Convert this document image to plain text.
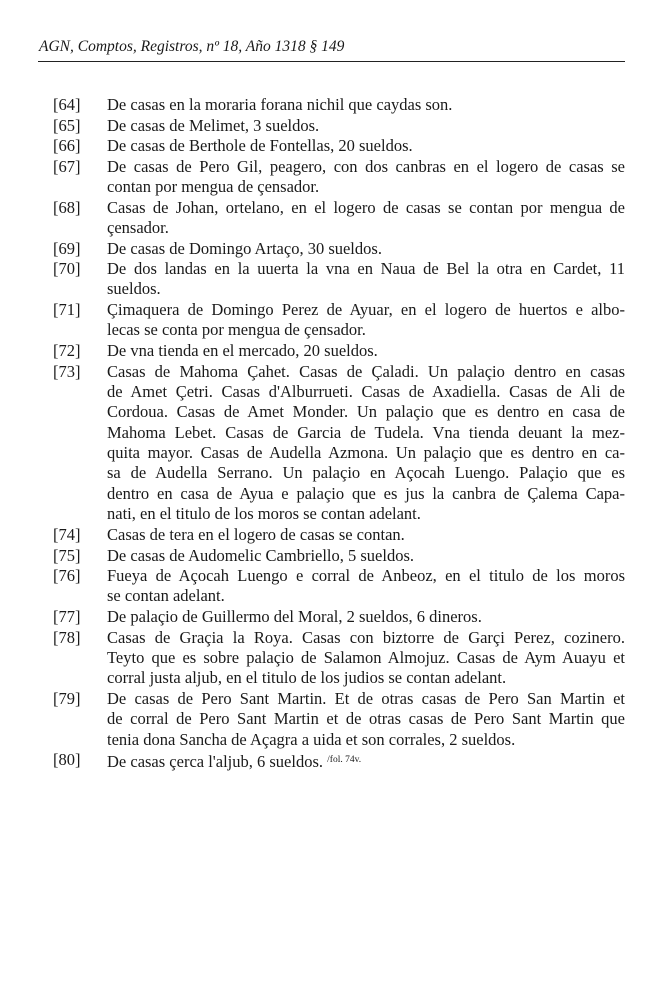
AGN, Comptos, Registros, nº 18, Año 1318 § 149
[64]	De casas en la moraria forana nichil que caydas son.
[65]	De casas de Melimet, 3 sueldos.
[66]	De casas de Berthole de Fontellas, 20 sueldos.
[67]	De casas de Pero Gil, peagero, con dos canbras en el logero de casas se
contan por mengua de çensador.
[68]	Casas de Johan, ortelano, en el logero de casas se contan por mengua de
çensador.
[69]	De casas de Domingo Artaço, 30 sueldos.
[70]	De dos landas en la uuerta la vna en Naua de Bel la otra en Cardet, 11
sueldos.
[71]	Çimaquera de Domingo Perez de Ayuar, en el logero de huertos e albo-
lecas se conta por mengua de çensador.
[72]	De vna tienda en el mercado, 20 sueldos.
[73]	Casas de Mahoma Çahet. Casas de Çaladi. Un palaçio dentro en casas
de Amet Çetri. Casas d'Alburrueti. Casas de Axadiella. Casas de Ali de
Cordoua. Casas de Amet Monder. Un palaçio que es dentro en casa de
Mahoma Lebet. Casas de Garcia de Tudela. Vna tienda deuant la mez-
quita mayor. Casas de Audella Azmona. Un palaçio que es dentro en ca-
sa de Audella Serrano. Un palaçio en Açocah Luengo. Palaçio que es
dentro en casa de Ayua e palaçio que es jus la canbra de Çalema Capa-
nati, en el titulo de los moros se contan adelant.
[74]	Casas de tera en el logero de casas se contan.
[75]	De casas de Audomelic Cambriello, 5 sueldos.
[76]	Fueya de Açocah Luengo e corral de Anbeoz, en el titulo de los moros
se contan adelant.
[77]	De palaçio de Guillermo del Moral, 2 sueldos, 6 dineros.
[78]	Casas de Graçia la Roya. Casas con biztorre de Garçi Perez, cozinero.
Teyto que es sobre palaçio de Salamon Almojuz. Casas de Aym Auayu et
corral justa aljub, en el titulo de los judios se contan adelant.
[79]	De casas de Pero Sant Martin. Et de otras casas de Pero San Martin et
de corral de Pero Sant Martin et de otras casas de Pero Sant Martin que
tenia dona Sancha de Açagra a uida et son corrales, 2 sueldos.
[80]	De casas çerca l'aljub, 6 sueldos. $^{/fol. 74v.}$
